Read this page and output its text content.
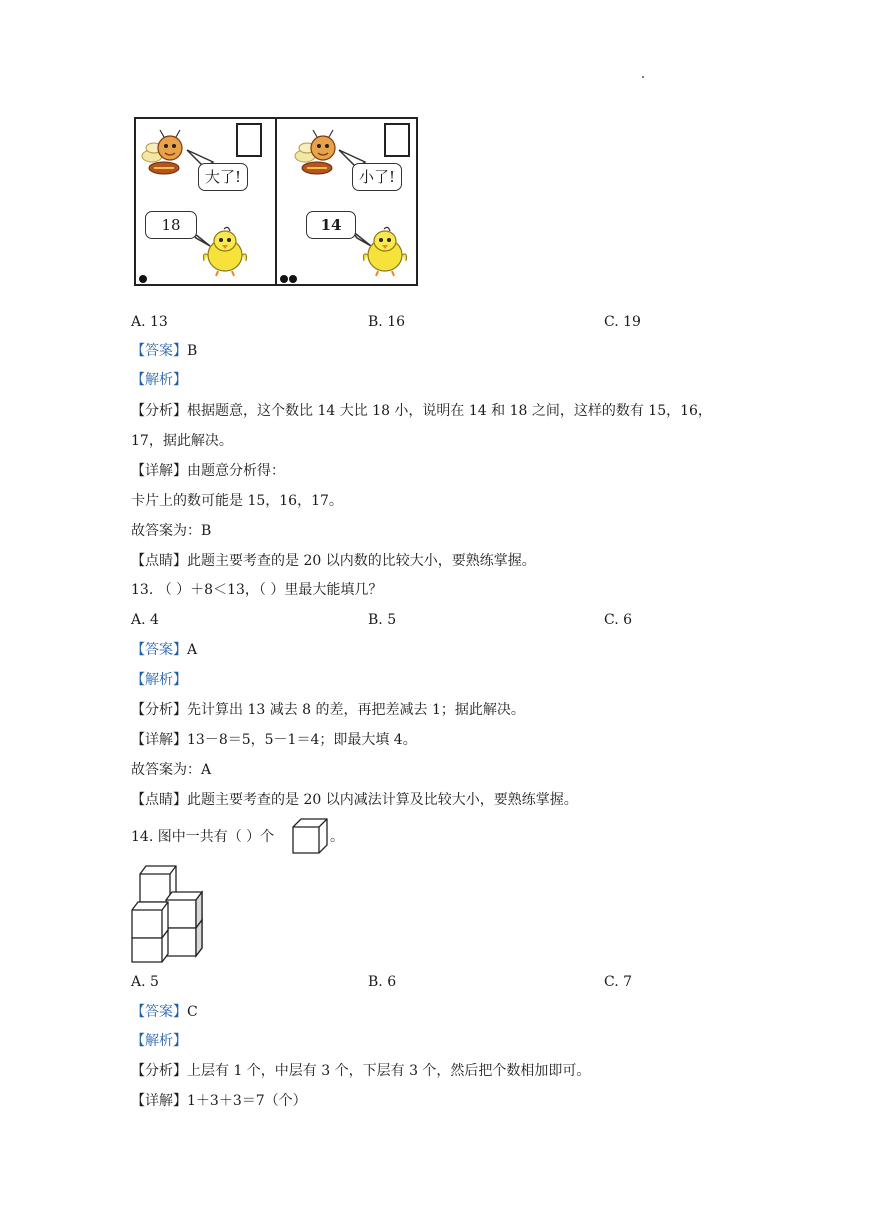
大了!	小了!
18	14
A. 13	B. 16	C. 19
【答案】B
【解析】
【分析】根据题意，这个数比 14 大比 18 小，说明在 14 和 18 之间，这样的数有 15，16，
17，据此解决。
【详解】由题意分析得：
卡片上的数可能是 15，16，17。
故答案为：B
【点睛】此题主要考查的是 20 以内数的比较大小，要熟练掌握。
13. （ ）＋8＜13，（ ）里最大能填几？
A. 4	B. 5	C. 6
【答案】A
【解析】
【分析】先计算出 13 减去 8 的差，再把差减去 1；据此解决。
【详解】13－8＝5，5－1＝4；即最大填 4。
故答案为：A
【点睛】此题主要考查的是 20 以内减法计算及比较大小，要熟练掌握。
14. 图中一共有（ ）个	。
A. 5	B. 6	C. 7
【答案】C
【解析】
【分析】上层有 1 个，中层有 3 个，下层有 3 个，然后把个数相加即可。
【详解】1＋3＋3＝7（个）
